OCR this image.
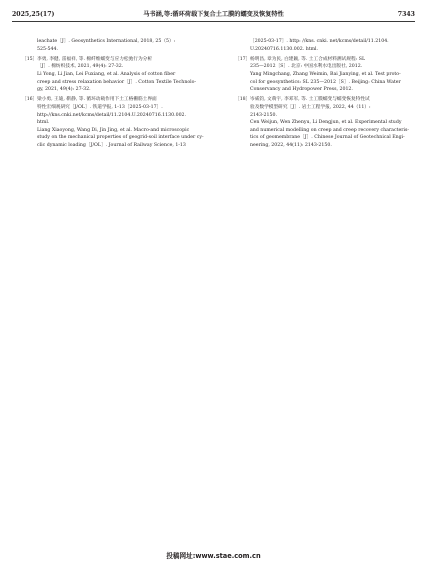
2025,25(17)	马书涵,等:循环荷载下复合土工膜的蠕变及恢复特性	7343
leachate［J］. Geosynthetics International, 2018, 25（5）:
525-544.
［15］ 李勇, 李健, 雷福祥, 等. 棉纤维蠕变与应力松弛行为分析
［J］. 棉纺织技术, 2021, 49(4): 27-32.
Li Yong, Li Jian, Lei Fuxiang, et al. Analysis of cotton fiber
creep and stress relaxation behavior［J］. Cotton Textile Technolo-
gy, 2021, 49(4): 27-32.
［16］ 梁小勇, 王迪, 靳静, 等. 循环动载作用下土工格栅筋土界面
特性宏细观研究［J/OL］. 铁道学报, 1-13［2025-03-17］.
http://kns.cnki.net/kcms/detail/11.2104.U.20240716.1130.002.
html.
Liang Xiaoyong, Wang Di, Jin Jing, et al. Macro-and microscopic
study on the mechanical properties of geogrid-soil interface under cy-
clic dynamic loading［J/OL］. Journal of Railway Science, 1-13
［2025-03-17］. http: //kns. cnki. net/kcms/detail/11.2104.
U.20240716.1130.002. html.
［17］ 杨明昌, 章为民, 白建颖, 等. 土工合成材料测试规程: SL
235—2012［S］. 北京: 中国水利水电出版社, 2012.
Yang Mingchang, Zhang Weimin, Bai Jianying, et al. Test proto-
col for geosynthetics: SL 235—2012［S］. Beijing: China Water
Conservancy and Hydropower Press, 2012.
［18］ 岑威钧, 文萌宇, 李邓军, 等. 土工膜蠕变与蠕变恢复特性试
验及数学模型研究［J］. 岩土工程学报, 2022, 44（11）:
2143-2150.
Cen Weijun, Wen Zhenyu, Li Dengjun, et al. Experimental study
and numerical modelling on creep and creep recovery characteris-
tics of geomembrane［J］. Chinese Journal of Geotechnical Engi-
neering, 2022, 44(11): 2143-2150.
投稿网址:www.stae.com.cn
